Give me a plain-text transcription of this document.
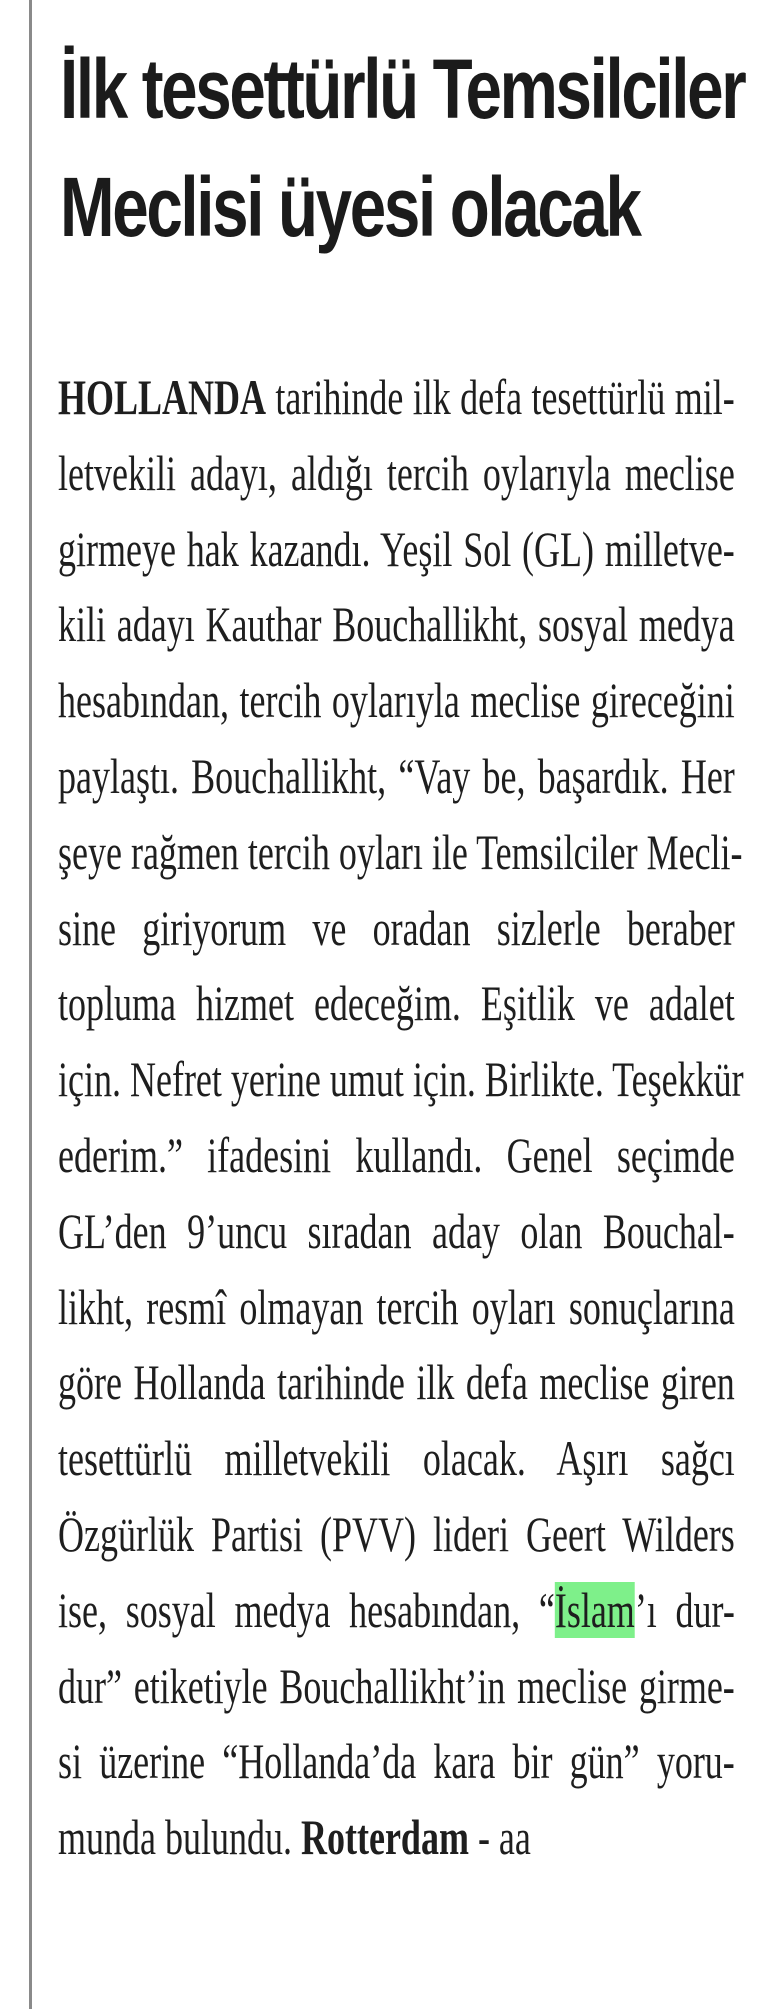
İlk tesettürlü Temsilciler
Meclisi üyesi olacak
HOLLANDA tarihinde ilk defa tesettürlü mil-
letvekili adayı, aldığı tercih oylarıyla meclise
girmeye hak kazandı. Yeşil Sol (GL) milletve-
kili adayı Kauthar Bouchallikht, sosyal medya
hesabından, tercih oylarıyla meclise gireceğini
paylaştı. Bouchallikht, “Vay be, başardık. Her
şeye rağmen tercih oyları ile Temsilciler Mecli-
sine giriyorum ve oradan sizlerle beraber
topluma hizmet edeceğim. Eşitlik ve adalet
için. Nefret yerine umut için. Birlikte. Teşekkür
ederim.” ifadesini kullandı. Genel seçimde
GL’den 9’uncu sıradan aday olan Bouchal-
likht, resmî olmayan tercih oyları sonuçlarına
göre Hollanda tarihinde ilk defa meclise giren
tesettürlü milletvekili olacak. Aşırı sağcı
Özgürlük Partisi (PVV) lideri Geert Wilders
ise, sosyal medya hesabından, “İslam’ı dur-
dur” etiketiyle Bouchallikht’in meclise girme-
si üzerine “Hollanda’da kara bir gün” yoru-
munda bulundu. Rotterdam - aa
